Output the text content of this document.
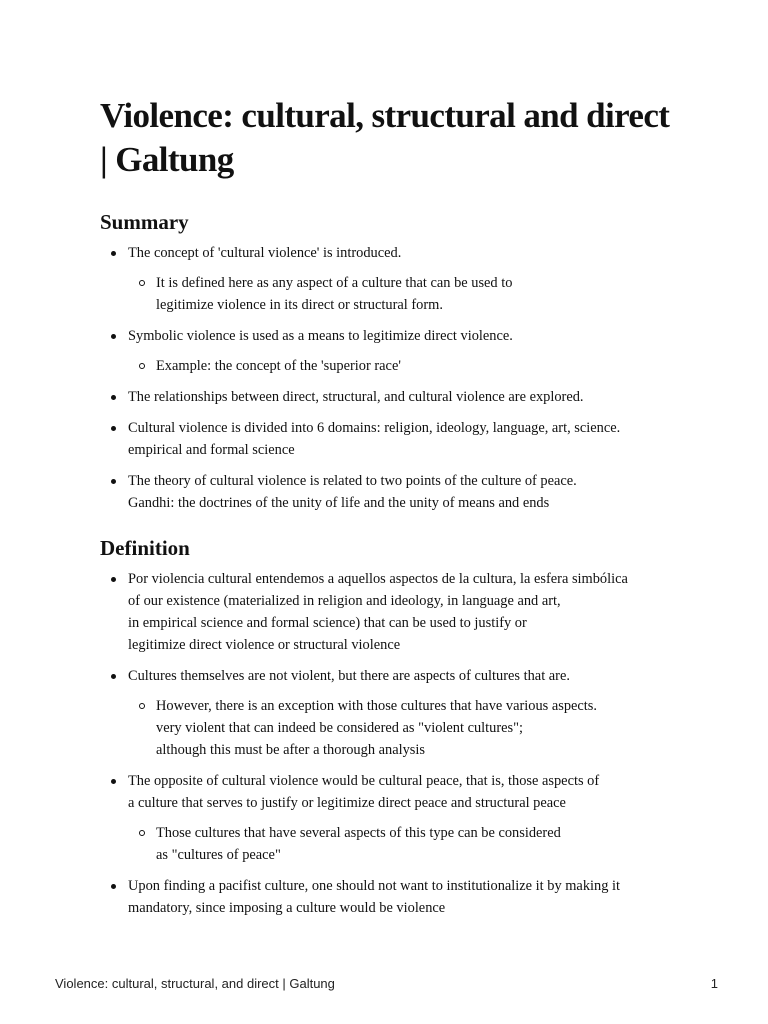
Violence: cultural, structural and direct | Galtung
Summary
The concept of 'cultural violence' is introduced.
It is defined here as any aspect of a culture that can be used to
legitimize violence in its direct or structural form.
Symbolic violence is used as a means to legitimize direct violence.
Example: the concept of the 'superior race'
The relationships between direct, structural, and cultural violence are explored.
Cultural violence is divided into 6 domains: religion, ideology, language, art, science.
empirical and formal science
The theory of cultural violence is related to two points of the culture of peace.
Gandhi: the doctrines of the unity of life and the unity of means and ends
Definition
Por violencia cultural entendemos a aquellos aspectos de la cultura, la esfera simbólica
of our existence (materialized in religion and ideology, in language and art,
in empirical science and formal science) that can be used to justify or
legitimize direct violence or structural violence
Cultures themselves are not violent, but there are aspects of cultures that are.
However, there is an exception with those cultures that have various aspects.
very violent that can indeed be considered as "violent cultures";
although this must be after a thorough analysis
The opposite of cultural violence would be cultural peace, that is, those aspects of
a culture that serves to justify or legitimize direct peace and structural peace
Those cultures that have several aspects of this type can be considered
as "cultures of peace"
Upon finding a pacifist culture, one should not want to institutionalize it by making it
mandatory, since imposing a culture would be violence
Violence: cultural, structural, and direct | Galtung	1
